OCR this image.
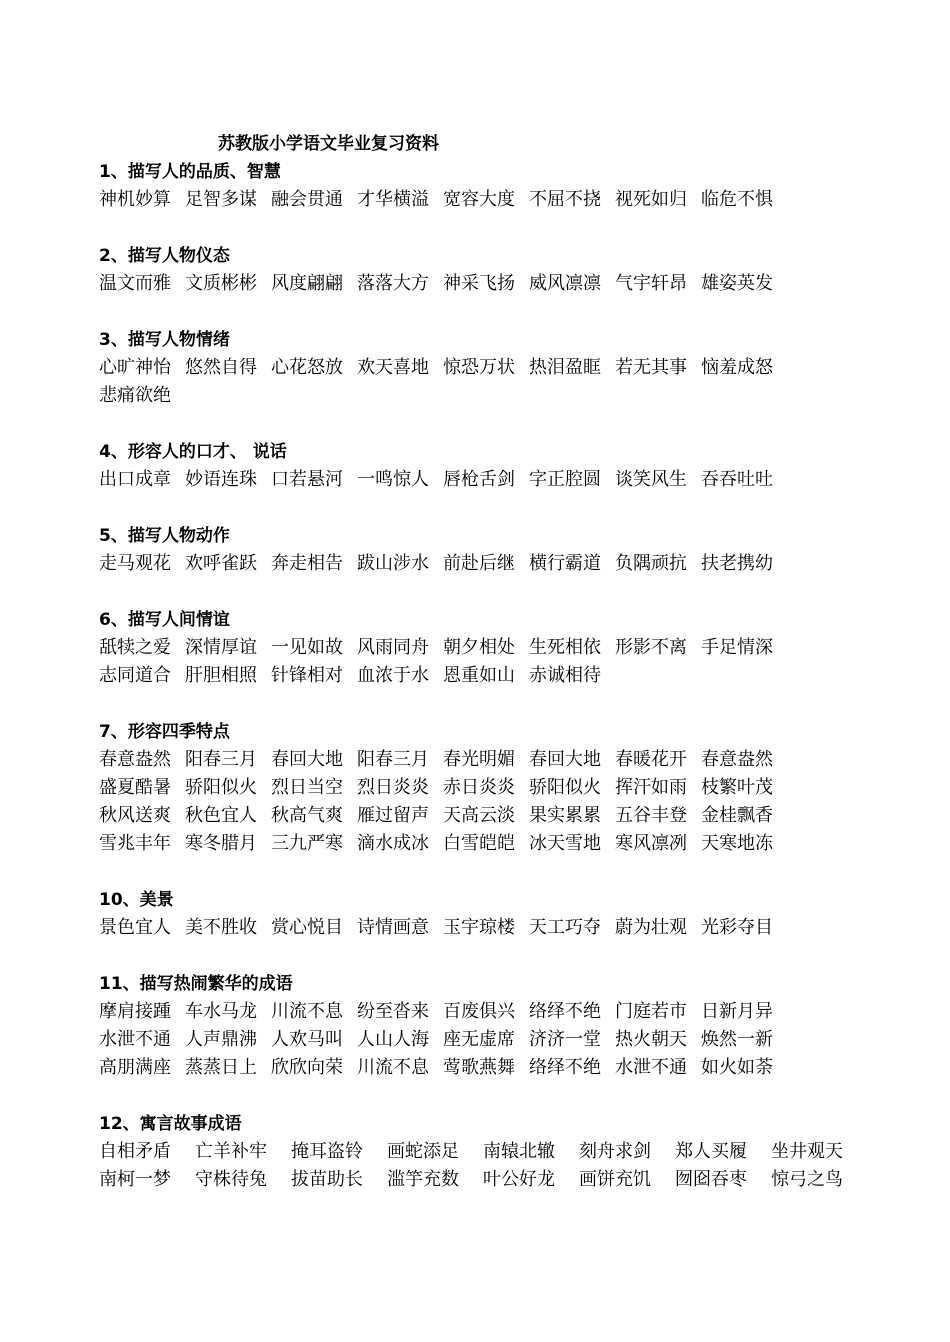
苏教版小学语文毕业复习资料
1、描写人的品质、智慧
神机妙算 足智多谋 融会贯通 才华横溢 宽容大度 不屈不挠 视死如归 临危不惧
2、描写人物仪态
温文而雅 文质彬彬 风度翩翩 落落大方 神采飞扬 威风凛凛 气宇轩昂 雄姿英发
3、描写人物情绪
心旷神怡 悠然自得 心花怒放 欢天喜地 惊恐万状 热泪盈眶 若无其事 恼羞成怒
悲痛欲绝
4、形容人的口才、 说话
出口成章 妙语连珠 口若悬河 一鸣惊人 唇枪舌剑 字正腔圆 谈笑风生 吞吞吐吐
5、描写人物动作
走马观花 欢呼雀跃 奔走相告 跋山涉水 前赴后继 横行霸道 负隅顽抗 扶老携幼
6、描写人间情谊
舐犊之爱 深情厚谊 一见如故 风雨同舟 朝夕相处 生死相依 形影不离 手足情深
志同道合 肝胆相照 针锋相对 血浓于水 恩重如山 赤诚相待
7、形容四季特点
春意盎然 阳春三月 春回大地 阳春三月 春光明媚 春回大地 春暖花开 春意盎然
盛夏酷暑 骄阳似火 烈日当空 烈日炎炎 赤日炎炎 骄阳似火 挥汗如雨 枝繁叶茂
秋风送爽 秋色宜人 秋高气爽 雁过留声 天高云淡 果实累累 五谷丰登 金桂飘香
雪兆丰年 寒冬腊月 三九严寒 滴水成冰 白雪皑皑 冰天雪地 寒风凛冽 天寒地冻
10、美景
景色宜人 美不胜收 赏心悦目 诗情画意 玉宇琼楼 天工巧夺 蔚为壮观 光彩夺目
11、描写热闹繁华的成语
摩肩接踵 车水马龙 川流不息 纷至沓来 百废俱兴 络绎不绝 门庭若市 日新月异
水泄不通 人声鼎沸 人欢马叫 人山人海 座无虚席 济济一堂 热火朝天 焕然一新
高朋满座 蒸蒸日上 欣欣向荣 川流不息 莺歌燕舞 络绎不绝 水泄不通 如火如荼
12、寓言故事成语
自相矛盾	亡羊补牢	掩耳盗铃	画蛇添足	南辕北辙	刻舟求剑	郑人买履	坐井观天
南柯一梦	守株待兔	拔苗助长	滥竽充数	叶公好龙	画饼充饥	囫囵吞枣	惊弓之鸟
